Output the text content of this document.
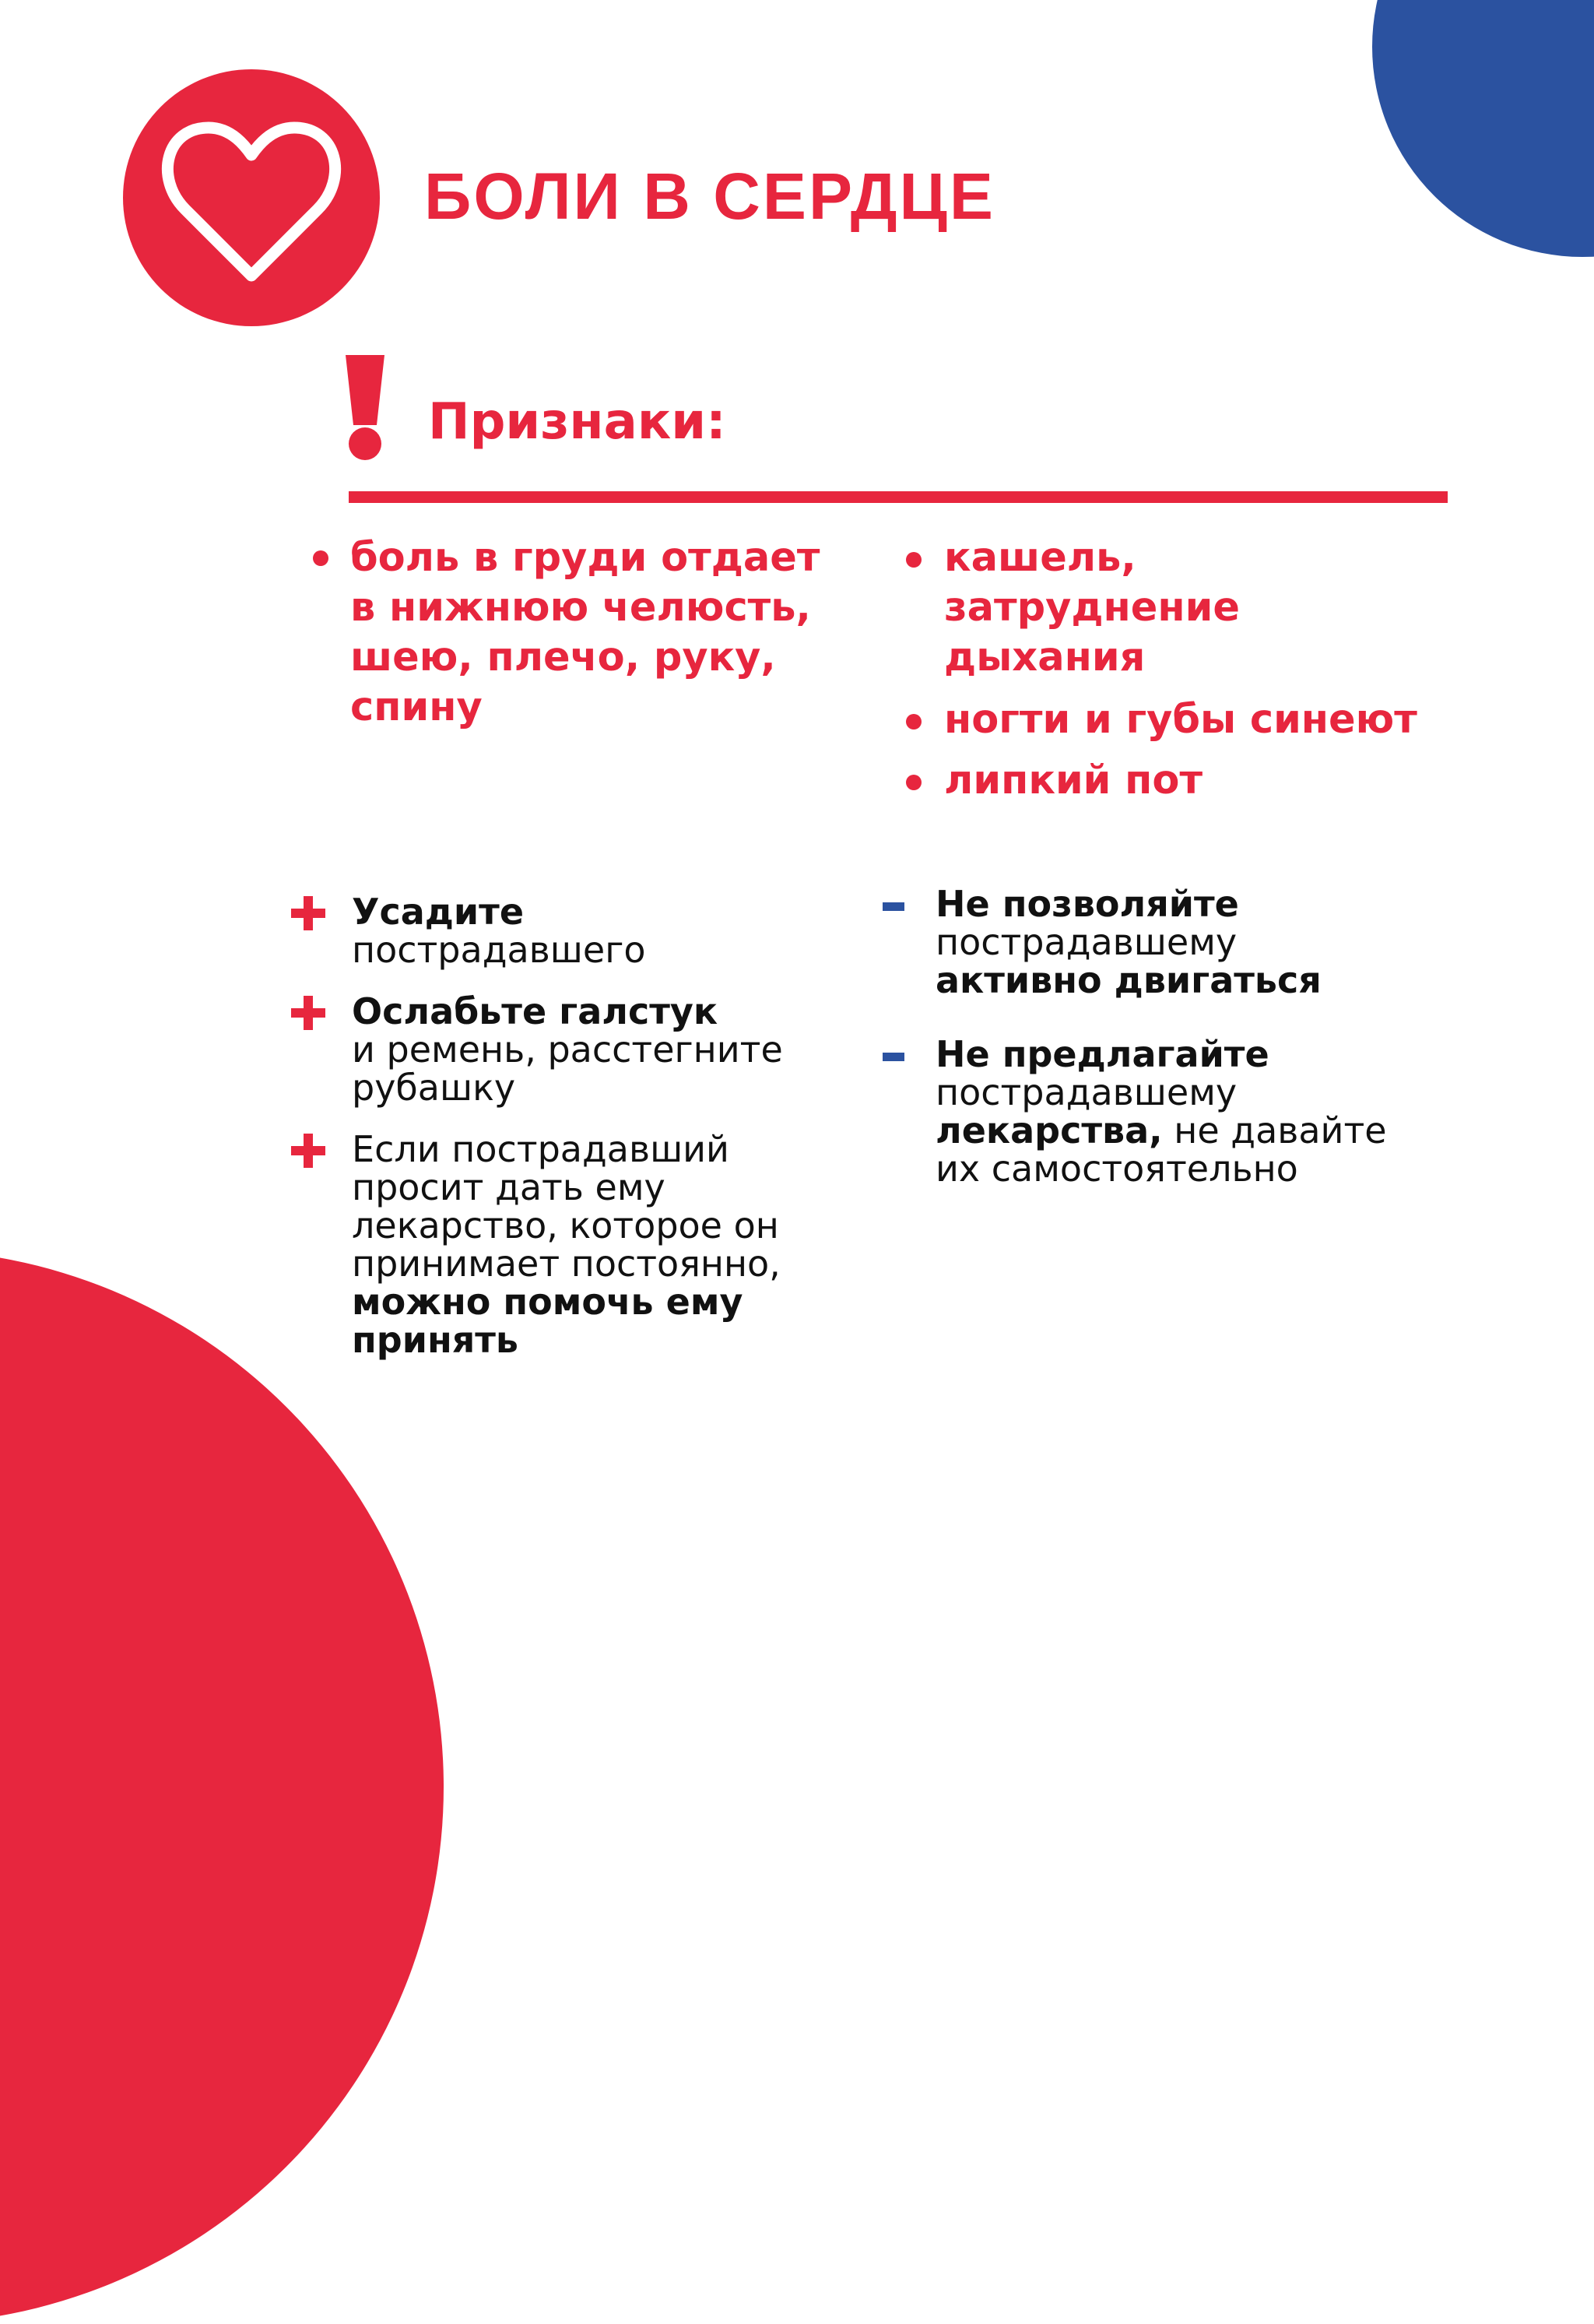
БОЛИ В СЕРДЦЕ
Признаки:
боль в груди отдает в нижнюю челюсть, шею, плечо, руку, спину
кашель, затруднение дыхания
ногти и губы синеют
липкий пот
Усадите
пострадавшего
Ослабьте галстук
и ремень, расстегните рубашку
Если пострадавший просит дать ему лекарство, которое он принимает постоянно, можно помочь ему принять
Не позволяйте
пострадавшему
активно двигаться
Не предлагайте
пострадавшему
лекарства, не давайте их самостоятельно
